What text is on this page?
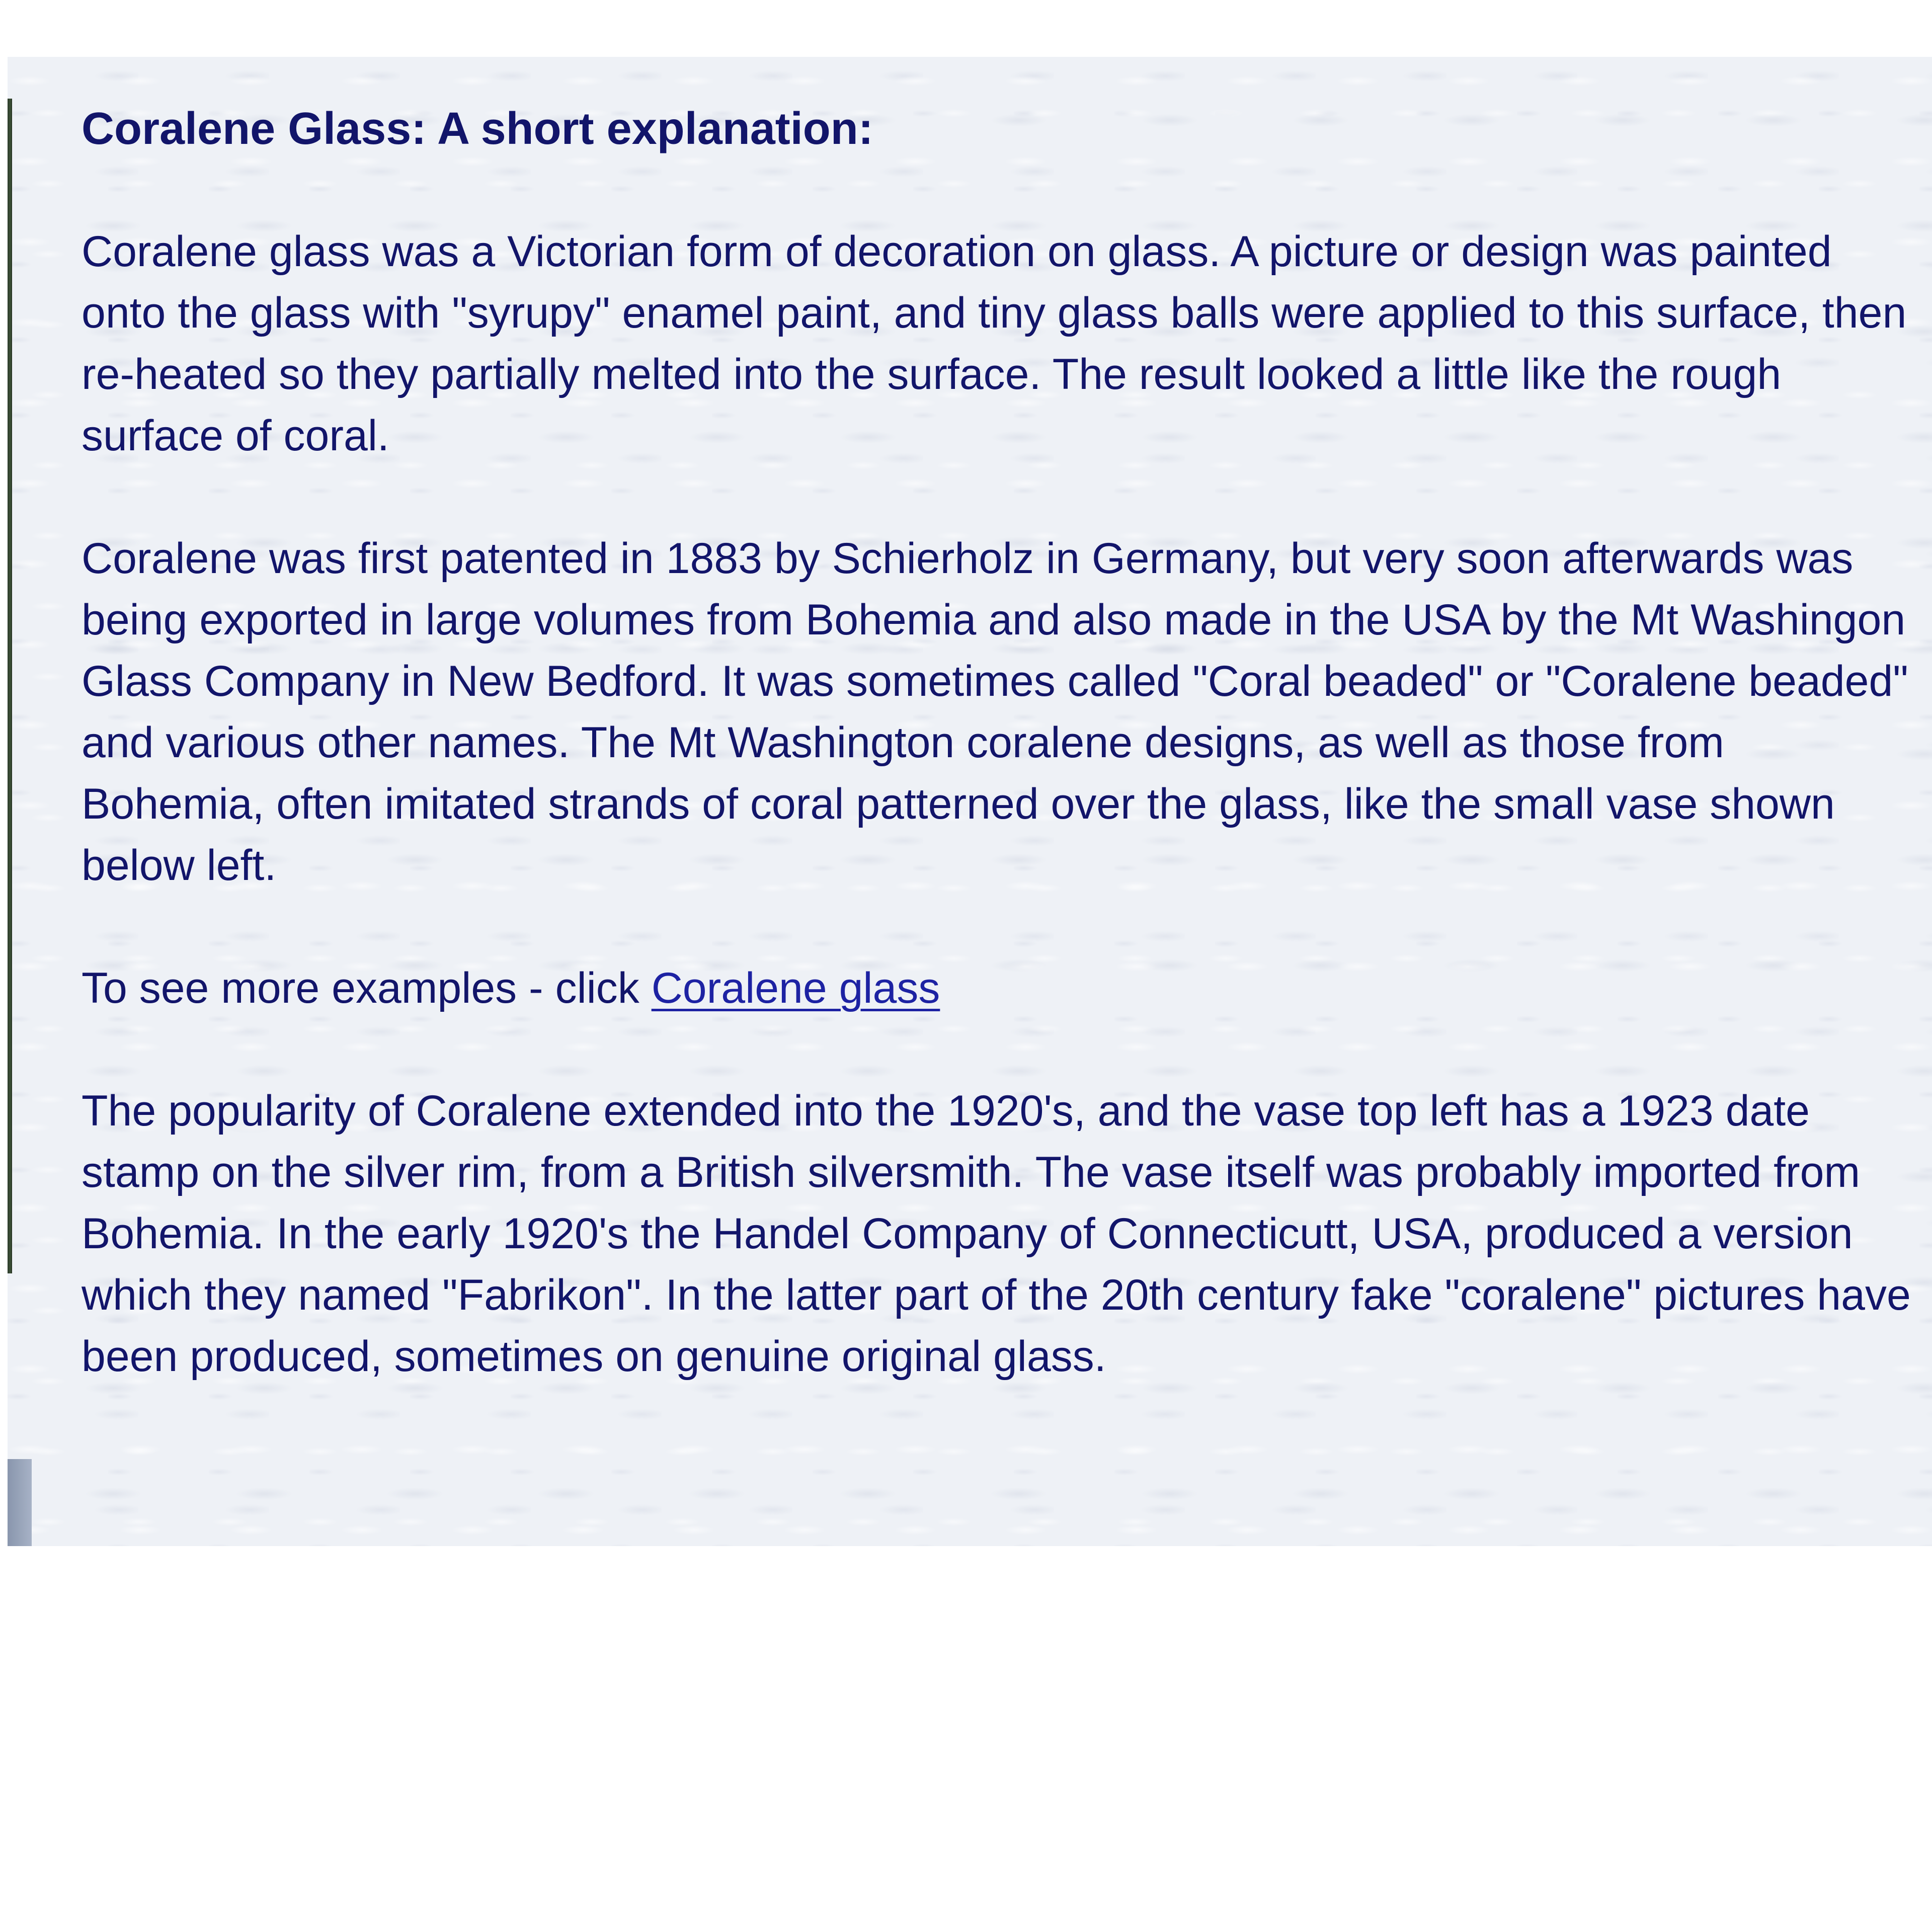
Coralene Glass: A short explanation:

Coralene glass was a Victorian form of decoration on glass. A picture or design was painted onto the glass with "syrupy" enamel paint, and tiny glass balls were applied to this surface, then re-heated so they partially melted into the surface. The result looked a little like the rough surface of coral.

Coralene was first patented in 1883 by Schierholz in Germany, but very soon afterwards was being exported in large volumes from Bohemia and also made in the USA by the Mt Washingon Glass Company in New Bedford. It was sometimes called "Coral beaded" or "Coralene beaded" and various other names. The Mt Washington coralene designs, as well as those from Bohemia, often imitated strands of coral patterned over the glass, like the small vase shown below left.

To see more examples - click Coralene glass

The popularity of Coralene extended into the 1920's, and the vase top left has a 1923 date stamp on the silver rim, from a British silversmith. The vase itself was probably imported from Bohemia. In the early 1920's the Handel Company of Connecticutt, USA, produced a version which they named "Fabrikon". In the latter part of the 20th century fake "coralene" pictures have been produced, sometimes on genuine original glass.
